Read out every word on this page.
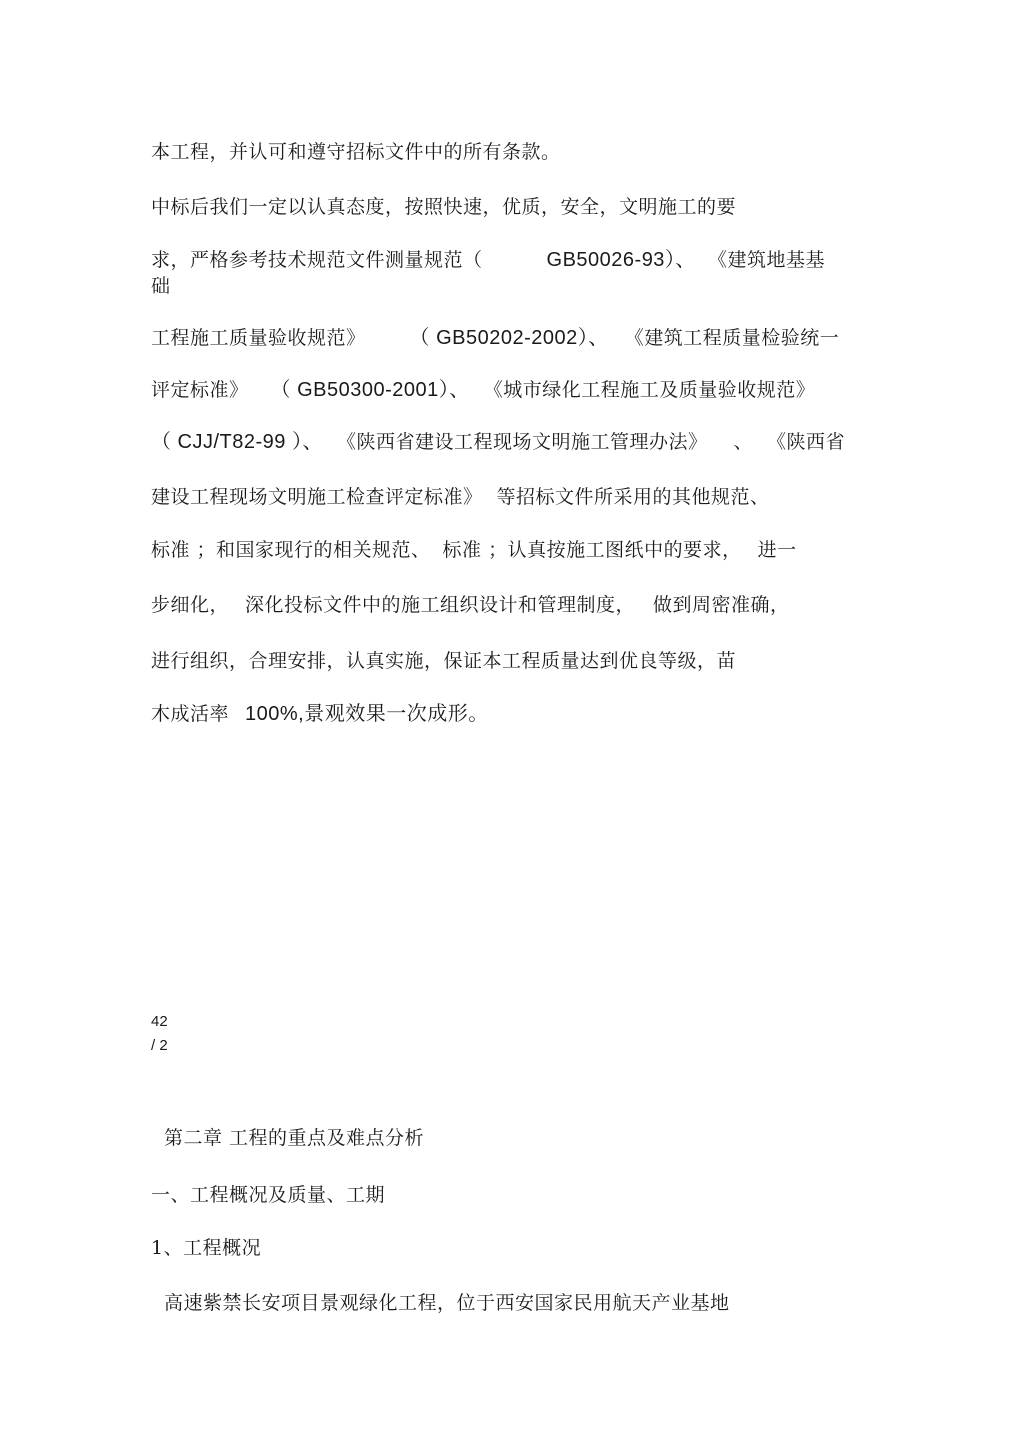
本工程，并认可和遵守招标文件中的所有条款。
中标后我们一定以认真态度，按照快速，优质，安全，文明施工的要
求，严格参考技术规范文件测量规范（	GB50026-93）、 《建筑地基基
础
工程施工质量验收规范》 （ GB50202-2002）、 《建筑工程质量检验统一
评定标准》 （ GB50300-2001）、 《城市绿化工程施工及质量验收规范》
（ CJJ/T82-99 ）、 《陕西省建设工程现场文明施工管理办法》 、 《陕西省
建设工程现场文明施工检查评定标准》 等招标文件所采用的其他规范、
标准 ；和国家现行的相关规范、 标准 ；认真按施工图纸中的要求， 进一
步细化， 深化投标文件中的施工组织设计和管理制度， 做到周密准确，
进行组织，合理安排，认真实施，保证本工程质量达到优良等级，苗
木成活率 100%,景观效果一次成形。
42
/ 2
第二章 工程的重点及难点分析
一、工程概况及质量、工期
1、工程概况
高速紫禁长安项目景观绿化工程，位于西安国家民用航天产业基地
